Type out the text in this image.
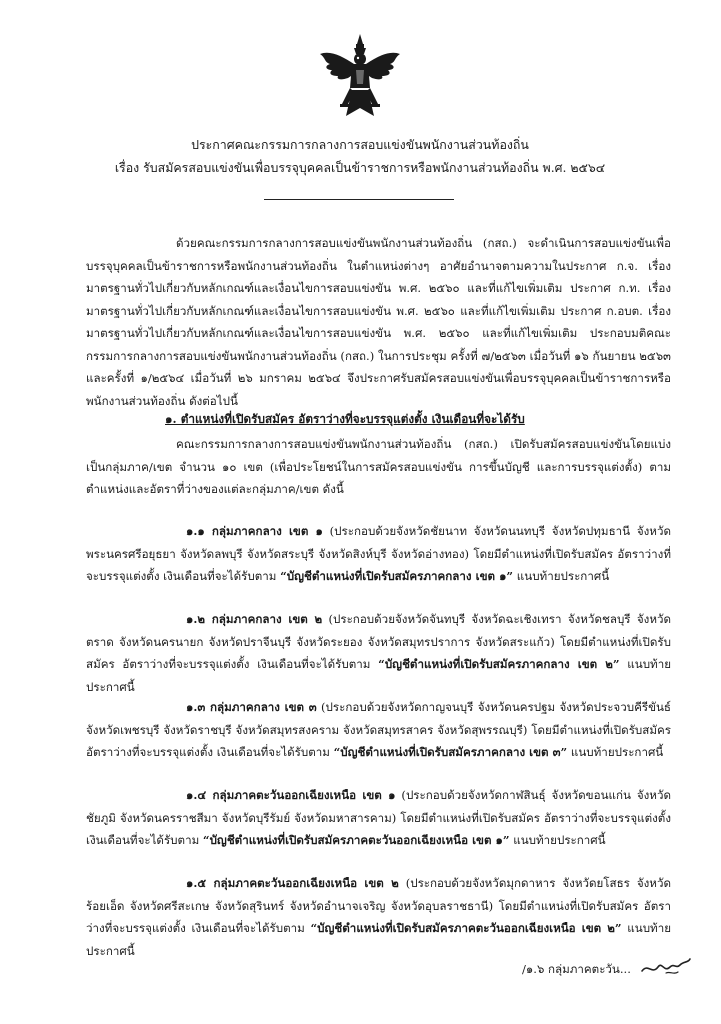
ประกาศคณะกรรมการกลางการสอบแข่งขันพนักงานส่วนท้องถิ่น
เรื่อง รับสมัครสอบแข่งขันเพื่อบรรจุบุคคลเป็นข้าราชการหรือพนักงานส่วนท้องถิ่น พ.ศ. ๒๕๖๔
ด้วยคณะกรรมการกลางการสอบแข่งขันพนักงานส่วนท้องถิ่น (กสถ.) จะดำเนินการสอบแข่งขันเพื่อบรรจุบุคคลเป็นข้าราชการหรือพนักงานส่วนท้องถิ่น ในตำแหน่งต่างๆ อาศัยอำนาจตามความในประกาศ ก.จ. เรื่อง มาตรฐานทั่วไปเกี่ยวกับหลักเกณฑ์และเงื่อนไขการสอบแข่งขัน พ.ศ. ๒๕๖๐ และที่แก้ไขเพิ่มเติม ประกาศ ก.ท. เรื่อง มาตรฐานทั่วไปเกี่ยวกับหลักเกณฑ์และเงื่อนไขการสอบแข่งขัน พ.ศ. ๒๕๖๐ และที่แก้ไขเพิ่มเติม ประกาศ ก.อบต. เรื่อง มาตรฐานทั่วไปเกี่ยวกับหลักเกณฑ์และเงื่อนไขการสอบแข่งขัน พ.ศ. ๒๕๖๐ และที่แก้ไขเพิ่มเติม ประกอบมติคณะกรรมการกลางการสอบแข่งขันพนักงานส่วนท้องถิ่น (กสถ.) ในการประชุม ครั้งที่ ๗/๒๕๖๓ เมื่อวันที่ ๑๖ กันยายน ๒๕๖๓ และครั้งที่ ๑/๒๕๖๔ เมื่อวันที่ ๒๖ มกราคม ๒๕๖๔ จึงประกาศรับสมัครสอบแข่งขันเพื่อบรรจุบุคคลเป็นข้าราชการหรือพนักงานส่วนท้องถิ่น ดังต่อไปนี้
๑. ตำแหน่งที่เปิดรับสมัคร อัตราว่างที่จะบรรจุแต่งตั้ง เงินเดือนที่จะได้รับ
คณะกรรมการกลางการสอบแข่งขันพนักงานส่วนท้องถิ่น (กสถ.) เปิดรับสมัครสอบแข่งขันโดยแบ่งเป็นกลุ่มภาค/เขต จำนวน ๑๐ เขต (เพื่อประโยชน์ในการสมัครสอบแข่งขัน การขึ้นบัญชี และการบรรจุแต่งตั้ง) ตามตำแหน่งและอัตราที่ว่างของแต่ละกลุ่มภาค/เขต ดังนี้
๑.๑ กลุ่มภาคกลาง เขต ๑ (ประกอบด้วยจังหวัดชัยนาท จังหวัดนนทบุรี จังหวัดปทุมธานี จังหวัดพระนครศรีอยุธยา จังหวัดลพบุรี จังหวัดสระบุรี จังหวัดสิงห์บุรี จังหวัดอ่างทอง) โดยมีตำแหน่งที่เปิดรับสมัคร อัตราว่างที่จะบรรจุแต่งตั้ง เงินเดือนที่จะได้รับตาม “บัญชีตำแหน่งที่เปิดรับสมัครภาคกลาง เขต ๑” แนบท้ายประกาศนี้
๑.๒ กลุ่มภาคกลาง เขต ๒ (ประกอบด้วยจังหวัดจันทบุรี จังหวัดฉะเชิงเทรา จังหวัดชลบุรี จังหวัดตราด จังหวัดนครนายก จังหวัดปราจีนบุรี จังหวัดระยอง จังหวัดสมุทรปราการ จังหวัดสระแก้ว) โดยมีตำแหน่งที่เปิดรับสมัคร อัตราว่างที่จะบรรจุแต่งตั้ง เงินเดือนที่จะได้รับตาม “บัญชีตำแหน่งที่เปิดรับสมัครภาคกลาง เขต ๒” แนบท้ายประกาศนี้
๑.๓ กลุ่มภาคกลาง เขต ๓ (ประกอบด้วยจังหวัดกาญจนบุรี จังหวัดนครปฐม จังหวัดประจวบคีรีขันธ์ จังหวัดเพชรบุรี จังหวัดราชบุรี จังหวัดสมุทรสงคราม จังหวัดสมุทรสาคร จังหวัดสุพรรณบุรี) โดยมีตำแหน่งที่เปิดรับสมัคร อัตราว่างที่จะบรรจุแต่งตั้ง เงินเดือนที่จะได้รับตาม “บัญชีตำแหน่งที่เปิดรับสมัครภาคกลาง เขต ๓” แนบท้ายประกาศนี้
๑.๔ กลุ่มภาคตะวันออกเฉียงเหนือ เขต ๑ (ประกอบด้วยจังหวัดกาฬสินธุ์ จังหวัดขอนแก่น จังหวัดชัยภูมิ จังหวัดนครราชสีมา จังหวัดบุรีรัมย์ จังหวัดมหาสารคาม) โดยมีตำแหน่งที่เปิดรับสมัคร อัตราว่างที่จะบรรจุแต่งตั้ง เงินเดือนที่จะได้รับตาม “บัญชีตำแหน่งที่เปิดรับสมัครภาคตะวันออกเฉียงเหนือ เขต ๑” แนบท้ายประกาศนี้
๑.๕ กลุ่มภาคตะวันออกเฉียงเหนือ เขต ๒ (ประกอบด้วยจังหวัดมุกดาหาร จังหวัดยโสธร จังหวัดร้อยเอ็ด จังหวัดศรีสะเกษ จังหวัดสุรินทร์ จังหวัดอำนาจเจริญ จังหวัดอุบลราชธานี) โดยมีตำแหน่งที่เปิดรับสมัคร อัตราว่างที่จะบรรจุแต่งตั้ง เงินเดือนที่จะได้รับตาม “บัญชีตำแหน่งที่เปิดรับสมัครภาคตะวันออกเฉียงเหนือ เขต ๒” แนบท้ายประกาศนี้
/๑.๖ กลุ่มภาคตะวัน...
